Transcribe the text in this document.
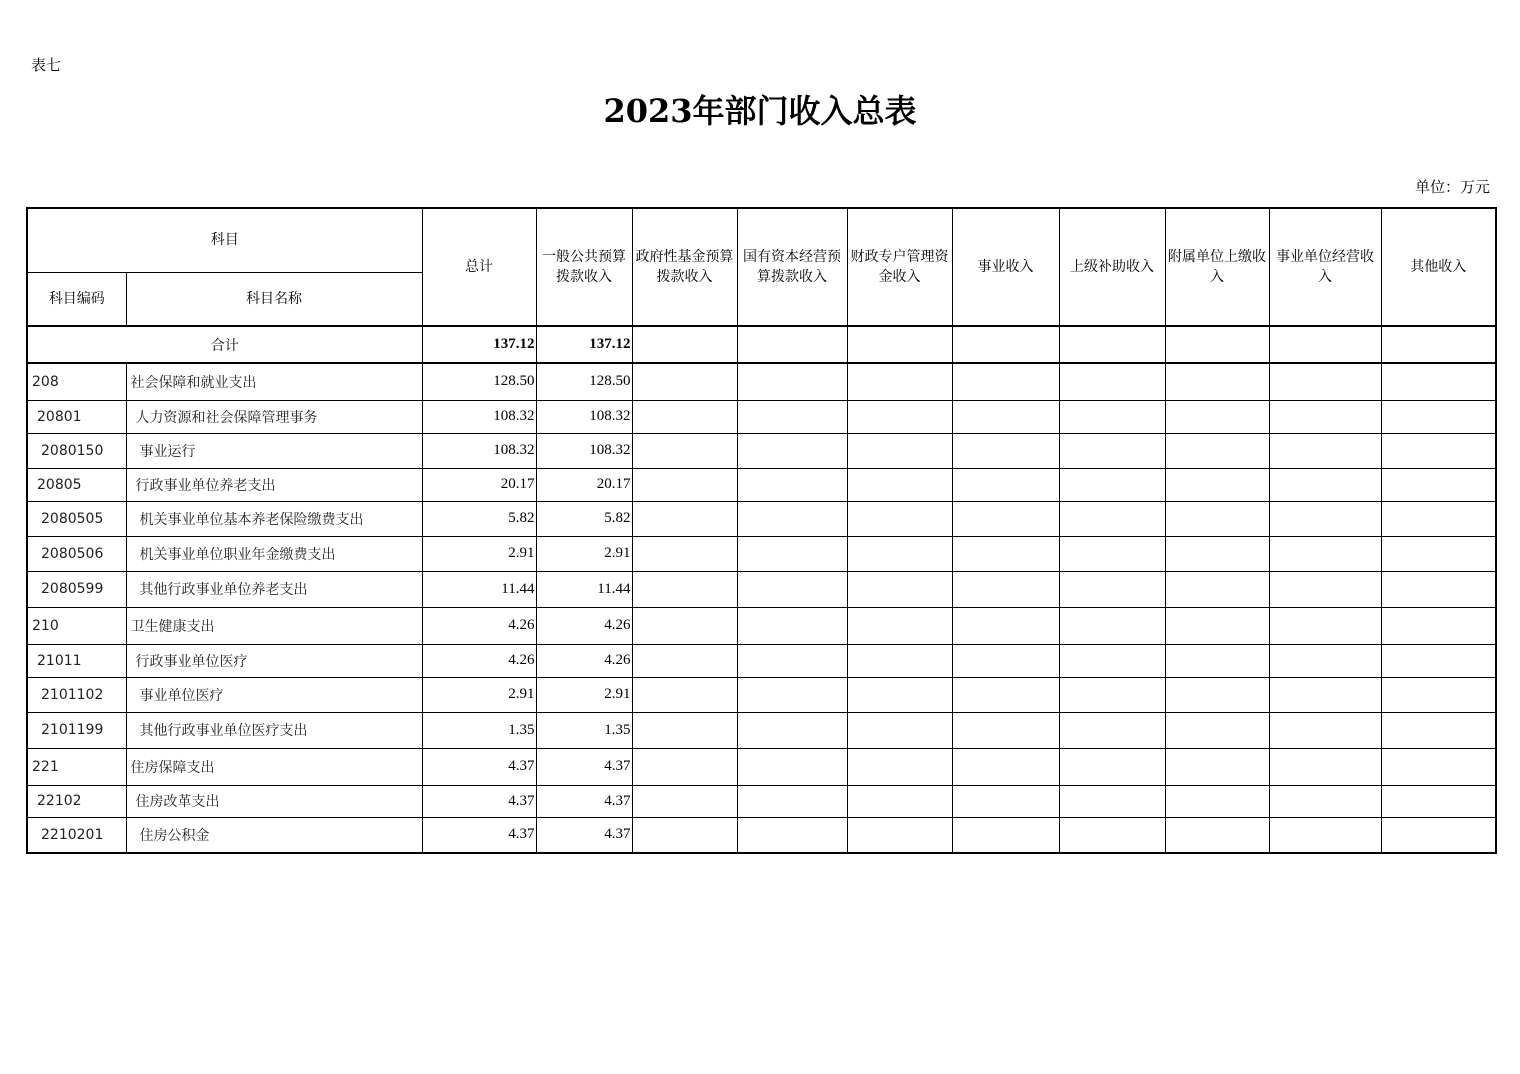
表七
2023年部门收入总表
单位：万元
科目		总计	一般公共预算拨款收入	政府性基金预算拨款收入	国有资本经营预算拨款收入	财政专户管理资金收入	事业收入	上级补助收入	附属单位上缴收入	事业单位经营收入	其他收入
科目编码	科目名称										
合计		137.12	137.12								
208	社会保障和就业支出	128.50	128.50								
20801	人力资源和社会保障管理事务	108.32	108.32								
2080150	事业运行	108.32	108.32								
20805	行政事业单位养老支出	20.17	20.17								
2080505	机关事业单位基本养老保险缴费支出	5.82	5.82								
2080506	机关事业单位职业年金缴费支出	2.91	2.91								
2080599	其他行政事业单位养老支出	11.44	11.44								
210	卫生健康支出	4.26	4.26								
21011	行政事业单位医疗	4.26	4.26								
2101102	事业单位医疗	2.91	2.91								
2101199	其他行政事业单位医疗支出	1.35	1.35								
221	住房保障支出	4.37	4.37								
22102	住房改革支出	4.37	4.37								
2210201	住房公积金	4.37	4.37								
